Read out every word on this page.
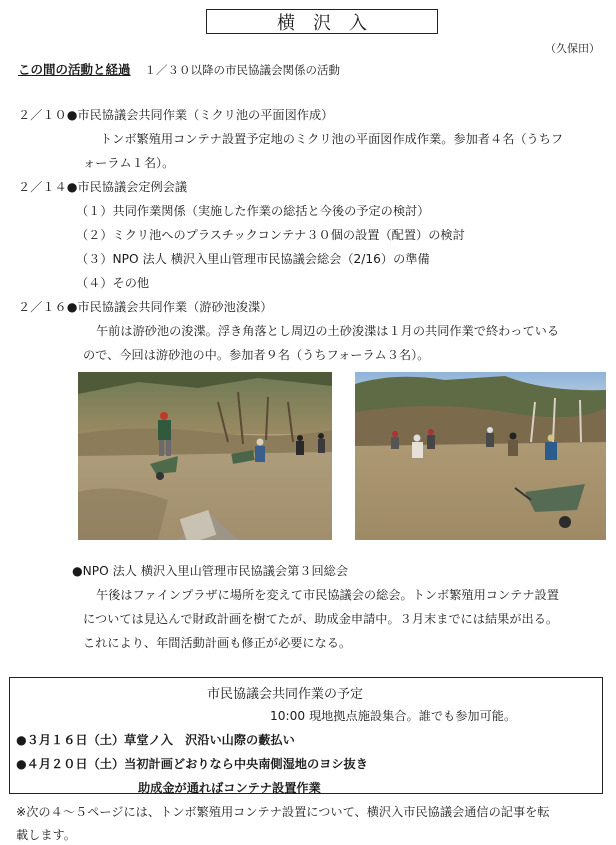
横　沢　入
（久保田）
この間の活動と経過 １／３０以降の市民協議会関係の活動
２／１０●市民協議会共同作業（ミクリ池の平面図作成）
トンボ繁殖用コンテナ設置予定地のミクリ池の平面図作成作業。参加者４名（うちフ
ォーラム１名）。
２／１４●市民協議会定例会議
（１）共同作業関係（実施した作業の総括と今後の予定の検討）
（２）ミクリ池へのプラスチックコンテナ３０個の設置（配置）の検討
（３）NPO 法人 横沢入里山管理市民協議会総会（2/16）の準備
（４）その他
２／１６●市民協議会共同作業（游砂池浚渫）
午前は游砂池の浚渫。浮き角落とし周辺の土砂浚渫は１月の共同作業で終わっている
ので、今回は游砂池の中。参加者９名（うちフォーラム３名）。
●NPO 法人 横沢入里山管理市民協議会第３回総会
午後はファインプラザに場所を変えて市民協議会の総会。トンボ繁殖用コンテナ設置
については見込んで財政計画を樹てたが、助成金申請中。３月末までには結果が出る。
これにより、年間活動計画も修正が必要になる。
市民協議会共同作業の予定
10:00 現地拠点施設集合。誰でも参加可能。
●３月１６日（土）草堂ノ入　沢沿い山際の藪払い
●４月２０日（土）当初計画どおりなら中央南側湿地のヨシ抜き
助成金が通ればコンテナ設置作業
※次の４～５ページには、トンボ繁殖用コンテナ設置について、横沢入市民協議会通信の記事を転
載します。
